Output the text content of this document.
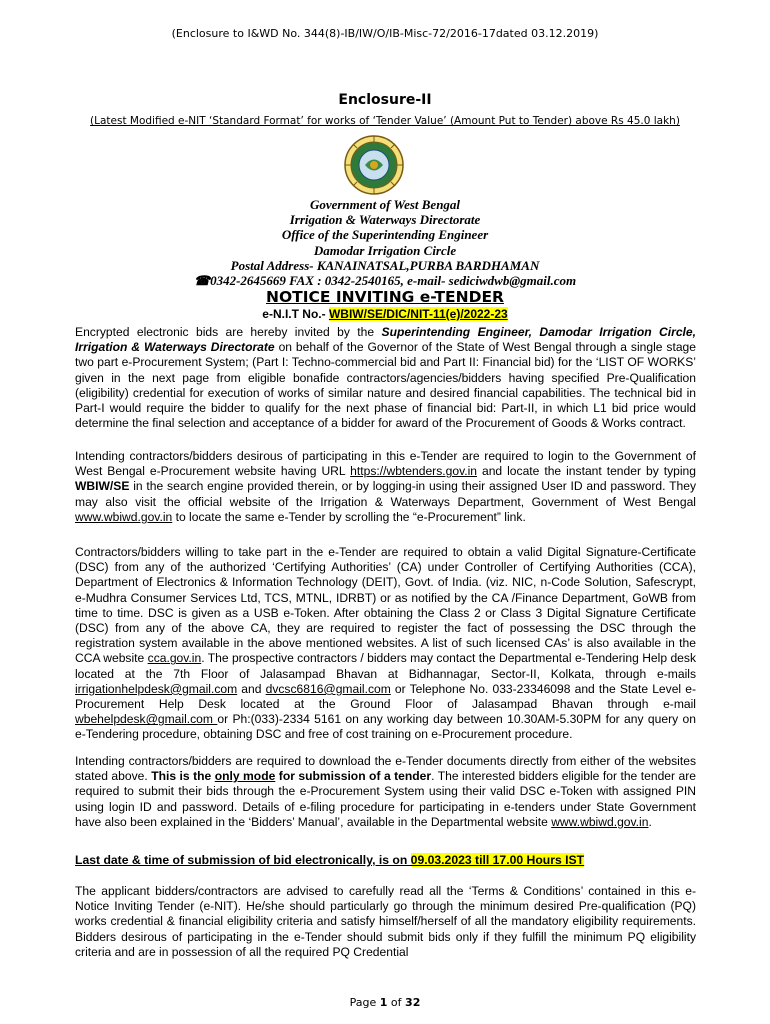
(Enclosure to I&WD No. 344(8)-IB/IW/O/IB-Misc-72/2016-17dated 03.12.2019)
Enclosure-II
(Latest Modified e-NIT ‘Standard Format’ for works of ‘Tender Value’ (Amount Put to Tender) above Rs 45.0 lakh)
Government of West Bengal
Irrigation & Waterways Directorate
Office of the Superintending Engineer
Damodar Irrigation Circle
Postal Address- KANAINATSAL,PURBA BARDHAMAN
☎0342-2645669 FAX : 0342-2540165, e-mail- sediciwdwb@gmail.com
NOTICE INVITING e-TENDER
e-N.I.T No.- WBIW/SE/DIC/NIT-11(e)/2022-23
Encrypted electronic bids are hereby invited by the Superintending Engineer, Damodar Irrigation Circle, Irrigation & Waterways Directorate on behalf of the Governor of the State of West Bengal through a single stage two part e-Procurement System; (Part I: Techno-commercial bid and Part II: Financial bid) for the ‘LIST OF WORKS’ given in the next page from eligible bonafide contractors/agencies/bidders having specified Pre-Qualification (eligibility) credential for execution of works of similar nature and desired financial capabilities. The technical bid in Part-I would require the bidder to qualify for the next phase of financial bid: Part-II, in which L1 bid price would determine the final selection and acceptance of a bidder for award of the Procurement of Goods & Works contract.
Intending contractors/bidders desirous of participating in this e-Tender are required to login to the Government of West Bengal e-Procurement website having URL https://wbtenders.gov.in and locate the instant tender by typing WBIW/SE in the search engine provided therein, or by logging-in using their assigned User ID and password. They may also visit the official website of the Irrigation & Waterways Department, Government of West Bengal www.wbiwd.gov.in to locate the same e-Tender by scrolling the “e-Procurement” link.
Contractors/bidders willing to take part in the e-Tender are required to obtain a valid Digital Signature-Certificate (DSC) from any of the authorized ‘Certifying Authorities’ (CA) under Controller of Certifying Authorities (CCA), Department of Electronics & Information Technology (DEIT), Govt. of India. (viz. NIC, n-Code Solution, Safescrypt, e-Mudhra Consumer Services Ltd, TCS, MTNL, IDRBT) or as notified by the CA /Finance Department, GoWB from time to time. DSC is given as a USB e-Token. After obtaining the Class 2 or Class 3 Digital Signature Certificate (DSC) from any of the above CA, they are required to register the fact of possessing the DSC through the registration system available in the above mentioned websites. A list of such licensed CAs’ is also available in the CCA website cca.gov.in. The prospective contractors / bidders may contact the Departmental e-Tendering Help desk located at the 7th Floor of Jalasampad Bhavan at Bidhannagar, Sector-II, Kolkata, through e-mails irrigationhelpdesk@gmail.com and dvcsc6816@gmail.com or Telephone No. 033-23346098 and the State Level e-Procurement Help Desk located at the Ground Floor of Jalasampad Bhavan through e-mail wbehelpdesk@gmail.com or Ph:(033)-2334 5161 on any working day between 10.30AM-5.30PM for any query on e-Tendering procedure, obtaining DSC and free of cost training on e-Procurement procedure.
Intending contractors/bidders are required to download the e-Tender documents directly from either of the websites stated above. This is the only mode for submission of a tender. The interested bidders eligible for the tender are required to submit their bids through the e-Procurement System using their valid DSC e-Token with assigned PIN using login ID and password. Details of e-filing procedure for participating in e-tenders under State Government have also been explained in the ‘Bidders’ Manual’, available in the Departmental website www.wbiwd.gov.in.
Last date & time of submission of bid electronically, is on 09.03.2023 till 17.00 Hours IST
The applicant bidders/contractors are advised to carefully read all the ‘Terms & Conditions’ contained in this e-Notice Inviting Tender (e-NIT). He/she should particularly go through the minimum desired Pre-qualification (PQ) works credential & financial eligibility criteria and satisfy himself/herself of all the mandatory eligibility requirements. Bidders desirous of participating in the e-Tender should submit bids only if they fulfill the minimum PQ eligibility criteria and are in possession of all the required PQ Credential
Page 1 of 32
